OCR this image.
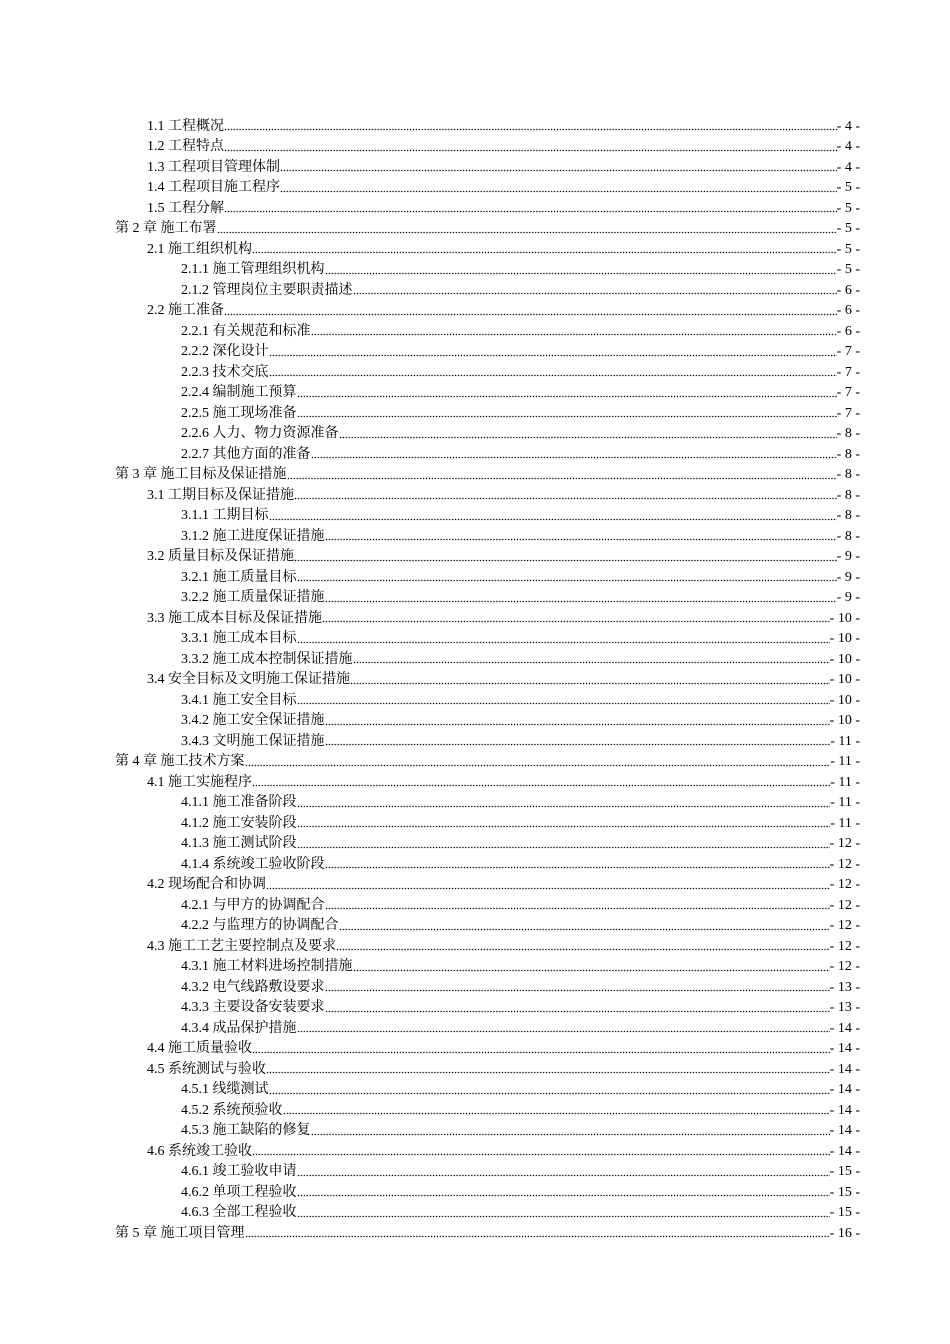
1.1 工程概况	- 4 -
1.2 工程特点	- 4 -
1.3 工程项目管理体制	- 4 -
1.4 工程项目施工程序	- 5 -
1.5 工程分解	- 5 -
第 2 章 施工布署	- 5 -
2.1 施工组织机构	- 5 -
2.1.1 施工管理组织机构	- 5 -
2.1.2 管理岗位主要职责描述	- 6 -
2.2 施工准备	- 6 -
2.2.1 有关规范和标准	- 6 -
2.2.2 深化设计	- 7 -
2.2.3 技术交底	- 7 -
2.2.4 编制施工预算	- 7 -
2.2.5 施工现场准备	- 7 -
2.2.6 人力、物力资源准备	- 8 -
2.2.7 其他方面的准备	- 8 -
第 3 章 施工目标及保证措施	- 8 -
3.1 工期目标及保证措施	- 8 -
3.1.1 工期目标	- 8 -
3.1.2 施工进度保证措施	- 8 -
3.2 质量目标及保证措施	- 9 -
3.2.1 施工质量目标	- 9 -
3.2.2 施工质量保证措施	- 9 -
3.3 施工成本目标及保证措施	- 10 -
3.3.1 施工成本目标	- 10 -
3.3.2 施工成本控制保证措施	- 10 -
3.4 安全目标及文明施工保证措施	- 10 -
3.4.1 施工安全目标	- 10 -
3.4.2 施工安全保证措施	- 10 -
3.4.3 文明施工保证措施	- 11 -
第 4 章 施工技术方案	- 11 -
4.1 施工实施程序	- 11 -
4.1.1 施工准备阶段	- 11 -
4.1.2 施工安装阶段	- 11 -
4.1.3 施工测试阶段	- 12 -
4.1.4 系统竣工验收阶段	- 12 -
4.2 现场配合和协调	- 12 -
4.2.1 与甲方的协调配合	- 12 -
4.2.2 与监理方的协调配合	- 12 -
4.3 施工工艺主要控制点及要求	- 12 -
4.3.1 施工材料进场控制措施	- 12 -
4.3.2 电气线路敷设要求	- 13 -
4.3.3 主要设备安装要求	- 13 -
4.3.4 成品保护措施	- 14 -
4.4 施工质量验收	- 14 -
4.5 系统测试与验收	- 14 -
4.5.1 线缆测试	- 14 -
4.5.2 系统预验收	- 14 -
4.5.3 施工缺陷的修复	- 14 -
4.6 系统竣工验收	- 14 -
4.6.1 竣工验收申请	- 15 -
4.6.2 单项工程验收	- 15 -
4.6.3 全部工程验收	- 15 -
第 5 章 施工项目管理	- 16 -
